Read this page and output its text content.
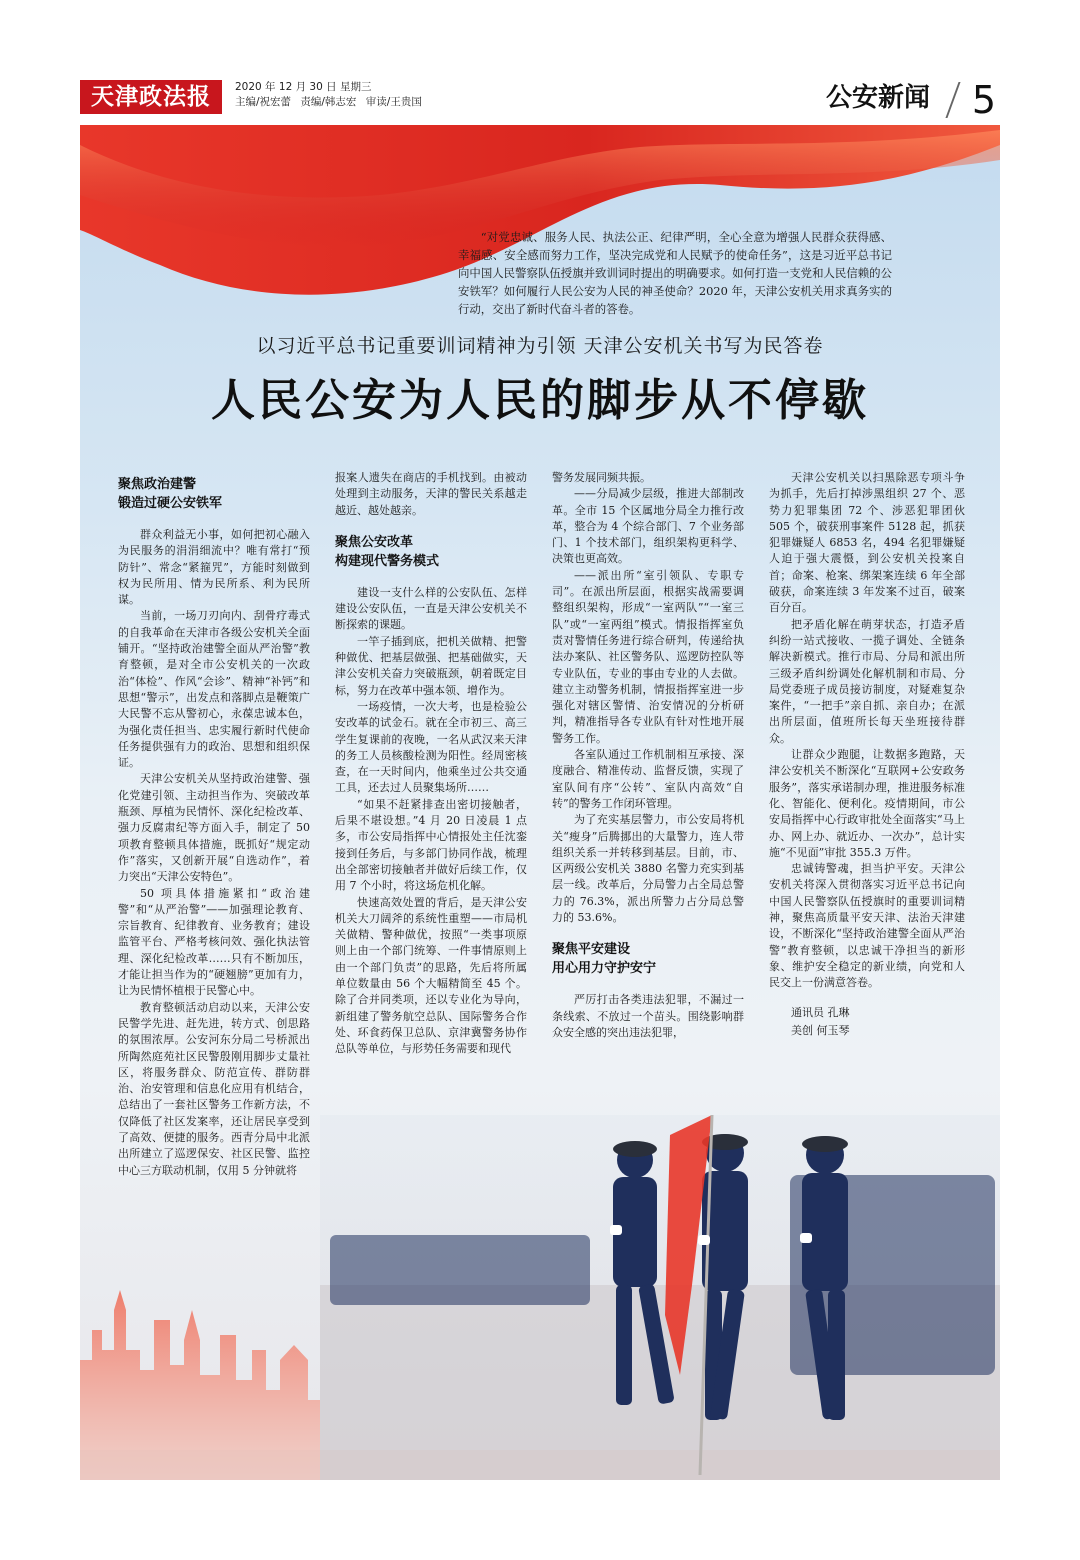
天津政法报	2020 年 12 月 30 日 星期三
主编/祝宏蕾 责编/韩志宏 审读/王贵国	公安新闻 5

“对党忠诚、服务人民、执法公正、纪律严明，全心全意为增强人民群众获得感、幸福感、安全感而努力工作，坚决完成党和人民赋予的使命任务”，这是习近平总书记向中国人民警察队伍授旗并致训词时提出的明确要求。如何打造一支党和人民信赖的公安铁军？如何履行人民公安为人民的神圣使命？2020 年，天津公安机关用求真务实的行动，交出了新时代奋斗者的答卷。

以习近平总书记重要训词精神为引领 天津公安机关书写为民答卷
人民公安为人民的脚步从不停歇
聚焦政治建警
锻造过硬公安铁军

群众利益无小事，如何把初心融入为民服务的涓涓细流中？唯有常打“预防针”、常念“紧箍咒”，方能时刻做到权为民所用、情为民所系、利为民所谋。

当前，一场刀刃向内、刮骨疗毒式的自我革命在天津市各级公安机关全面铺开。“坚持政治建警全面从严治警”教育整顿，是对全市公安机关的一次政治“体检”、作风“会诊”、精神“补钙”和思想“警示”，出发点和落脚点是鞭策广大民警不忘从警初心，永葆忠诚本色，为强化责任担当、忠实履行新时代使命任务提供强有力的政治、思想和组织保证。

天津公安机关从坚持政治建警、强化党建引领、主动担当作为、突破改革瓶颈、厚植为民情怀、深化纪检改革、强力反腐肃纪等方面入手，制定了 50 项教育整顿具体措施，既抓好“规定动作”落实，又创新开展“自选动作”，着力突出“天津公安特色”。

50 项具体措施紧扣“政治建警”和“从严治警”——加强理论教育、宗旨教育、纪律教育、业务教育；建设监管平台、严格考核问效、强化执法管理、深化纪检改革……只有不断加压，才能让担当作为的“硬翘膀”更加有力，让为民情怀植根于民警心中。

教育整顿活动启动以来，天津公安民警学先进、赶先进，转方式、创思路的氛围浓厚。公安河东分局二号桥派出所陶然庭苑社区民警殷刚用脚步丈量社区，将服务群众、防范宣传、群防群治、治安管理和信息化应用有机结合，总结出了一套社区警务工作新方法，不仅降低了社区发案率，还让居民享受到了高效、便捷的服务。西青分局中北派出所建立了巡逻保安、社区民警、监控中心三方联动机制，仅用 5 分钟就将

报案人遗失在商店的手机找到。由被动处理到主动服务，天津的警民关系越走越近、越处越亲。

聚焦公安改革
构建现代警务模式

建设一支什么样的公安队伍、怎样建设公安队伍，一直是天津公安机关不断探索的课题。

一竿子插到底，把机关做精、把警种做优、把基层做强、把基础做实，天津公安机关奋力突破瓶颈，朝着既定目标，努力在改革中强本领、增作为。

一场疫情，一次大考，也是检验公安改革的试金石。就在全市初三、高三学生复课前的夜晚，一名从武汉来天津的务工人员核酸检测为阳性。经周密核查，在一天时间内，他乘坐过公共交通工具，还去过人员聚集场所……

“如果不赶紧排查出密切接触者，后果不堪设想。”4 月 20 日凌晨 1 点多，市公安局指挥中心情报处主任沈銮接到任务后，与多部门协同作战，梳理出全部密切接触者并做好后续工作，仅用 7 个小时，将这场危机化解。

快速高效处置的背后，是天津公安机关大刀阔斧的系统性重塑——市局机关做精、警种做优，按照“一类事项原则上由一个部门统筹、一件事情原则上由一个部门负责”的思路，先后将所属单位数量由 56 个大幅精简至 45 个。除了合并同类项，还以专业化为导向，新组建了警务航空总队、国际警务合作处、环食药保卫总队、京津冀警务协作总队等单位，与形势任务需要和现代

警务发展同频共振。

——分局减少层级，推进大部制改革。全市 15 个区属地分局全力推行改革，整合为 4 个综合部门、7 个业务部门、1 个技术部门，组织架构更科学、决策也更高效。

——派出所“室引领队、专职专司”。在派出所层面，根据实战需要调整组织架构，形成“一室两队”“一室三队”或“一室两组”模式。情报指挥室负责对警情任务进行综合研判，传递给执法办案队、社区警务队、巡逻防控队等专业队伍，专业的事由专业的人去做。建立主动警务机制，情报指挥室进一步强化对辖区警情、治安情况的分析研判，精准指导各专业队有针对性地开展警务工作。

各室队通过工作机制相互承接、深度融合、精准传动、监督反馈，实现了室队间有序“公转”、室队内高效“自转”的警务工作闭环管理。

为了充实基层警力，市公安局将机关“瘦身”后腾挪出的大量警力，连人带组织关系一并转移到基层。目前，市、区两级公安机关 3880 名警力充实到基层一线。改革后，分局警力占全局总警力的 76.3%，派出所警力占分局总警力的 53.6%。

聚焦平安建设
用心用力守护安宁

严厉打击各类违法犯罪，不漏过一条线索、不放过一个苗头。围绕影响群众安全感的突出违法犯罪，

天津公安机关以扫黑除恶专项斗争为抓手，先后打掉涉黑组织 27 个、恶势力犯罪集团 72 个、涉恶犯罪团伙 505 个，破获刑事案件 5128 起，抓获犯罪嫌疑人 6853 名，494 名犯罪嫌疑人迫于强大震慑，到公安机关投案自首；命案、枪案、绑架案连续 6 年全部破获，命案连续 3 年发案不过百，破案百分百。

把矛盾化解在萌芽状态，打造矛盾纠纷一站式接收、一揽子调处、全链条解决新模式。推行市局、分局和派出所三级矛盾纠纷调处化解机制和市局、分局党委班子成员接访制度，对疑难复杂案件，“一把手”亲自抓、亲自办；在派出所层面，值班所长每天坐班接待群众。

让群众少跑腿，让数据多跑路，天津公安机关不断深化“互联网+公安政务服务”，落实承诺制办理，推进服务标准化、智能化、便利化。疫情期间，市公安局指挥中心行政审批处全面落实“马上办、网上办、就近办、一次办”，总计实施“不见面”审批 355.3 万件。

忠诚铸警魂，担当护平安。天津公安机关将深入贯彻落实习近平总书记向中国人民警察队伍授旗时的重要训词精神，聚焦高质量平安天津、法治天津建设，不断深化“坚持政治建警全面从严治警”教育整顿，以忠诚干净担当的新形象、维护安全稳定的新业绩，向党和人民交上一份满意答卷。

通讯员 孔琳
美创 何玉琴
